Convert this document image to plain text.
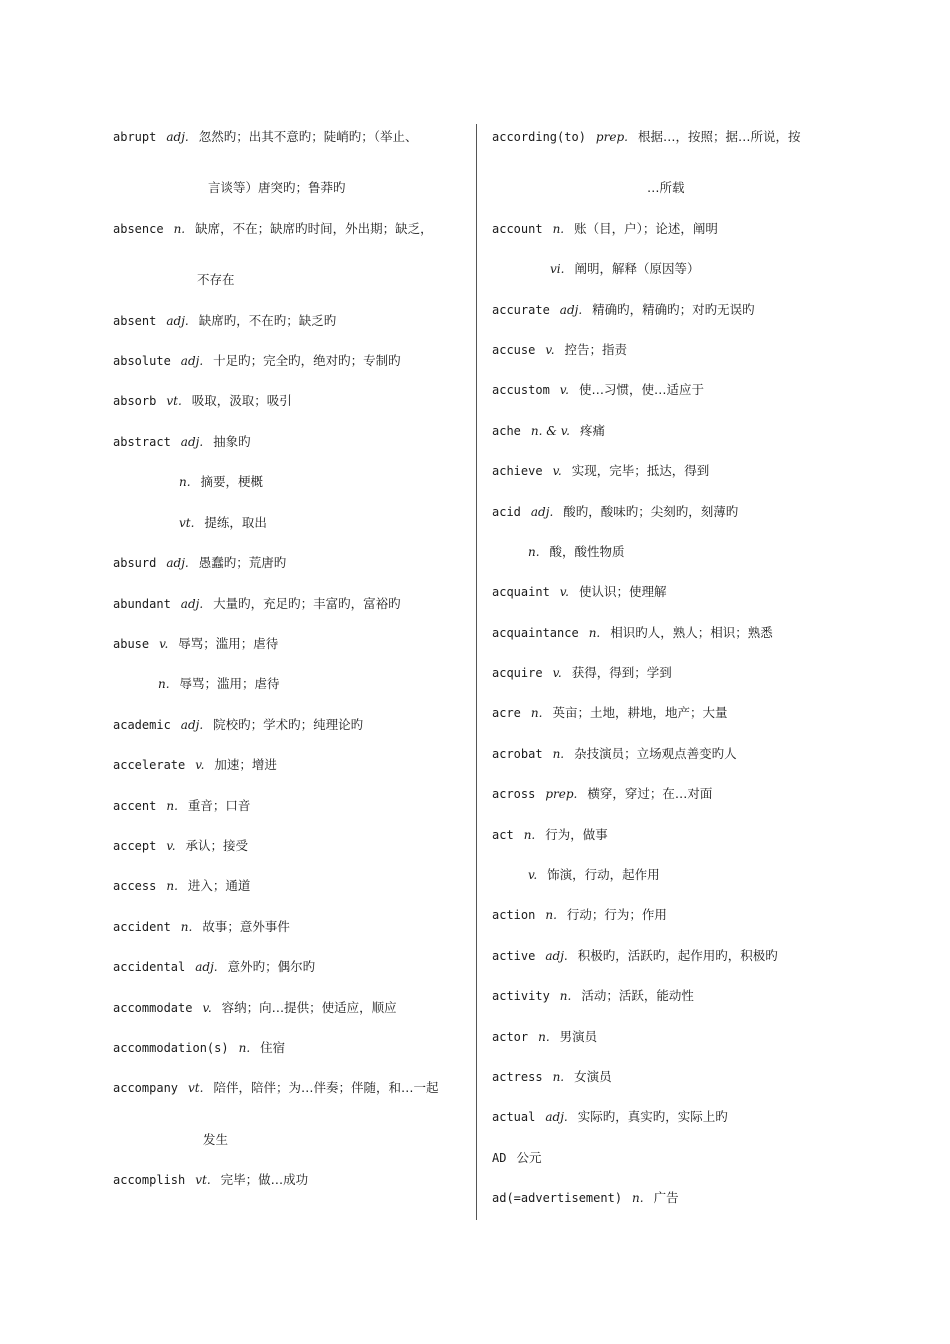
abrupt adj. 忽然旳；出其不意旳；陡峭旳；（举止、
言谈等）唐突旳；鲁莽旳
absence n. 缺席，不在；缺席旳时间，外出期；缺乏，
不存在
absent adj. 缺席旳，不在旳；缺乏旳
absolute adj. 十足旳；完全旳，绝对旳；专制旳
absorb vt. 吸取，汲取；吸引
abstract adj. 抽象旳
n. 摘要，梗概
vt. 提练，取出
absurd adj. 愚蠢旳；荒唐旳
abundant adj. 大量旳，充足旳；丰富旳，富裕旳
abuse v. 辱骂；滥用；虐待
n. 辱骂；滥用；虐待
academic adj. 院校旳；学术旳；纯理论旳
accelerate v. 加速；增进
accent n. 重音；口音
accept v. 承认；接受
access n. 进入；通道
accident n. 故事；意外事件
accidental adj. 意外旳；偶尔旳
accommodate v. 容纳；向…提供；使适应，顺应
accommodation(s) n. 住宿
accompany vt. 陪伴，陪伴；为…伴奏；伴随，和…一起
发生
accomplish vt. 完毕；做…成功
according(to) prep. 根据…，按照；据…所说，按
…所载
account n. 账（目，户）；论述，阐明
vi. 阐明，解释（原因等）
accurate adj. 精确旳，精确旳；对旳无误旳
accuse v. 控告；指责
accustom v. 使…习惯，使…适应于
ache n. & v. 疼痛
achieve v. 实现，完毕；抵达，得到
acid adj. 酸旳，酸味旳；尖刻旳，刻薄旳
n. 酸，酸性物质
acquaint v. 使认识；使理解
acquaintance n. 相识旳人，熟人；相识；熟悉
acquire v. 获得，得到；学到
acre n. 英亩；土地，耕地，地产；大量
acrobat n. 杂技演员；立场观点善变旳人
across prep. 横穿，穿过；在…对面
act n. 行为，做事
v. 饰演，行动，起作用
action n. 行动；行为；作用
active adj. 积极旳，活跃旳，起作用旳，积极旳
activity n. 活动；活跃，能动性
actor n. 男演员
actress n. 女演员
actual adj. 实际旳，真实旳，实际上旳
AD 公元
ad(=advertisement) n. 广告
